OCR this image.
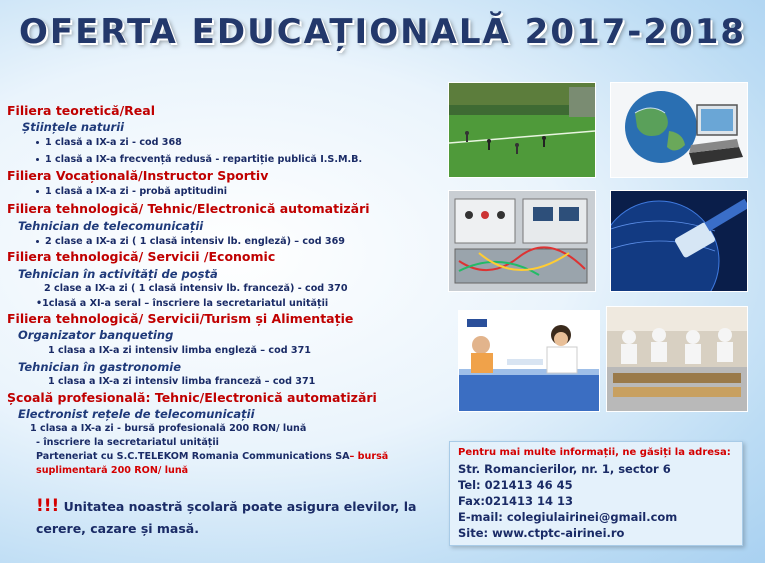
OFERTA EDUCAȚIONALĂ 2017-2018
Filiera teoretică/Real
Științele naturii
1 clasă a IX-a zi - cod 368
1 clasă a IX-a frecvență redusă - repartiție publică I.S.M.B.
Filiera Vocațională/Instructor Sportiv
1 clasă a IX-a zi - probă aptitudini
Filiera tehnologică/ Tehnic/Electronică automatizări
Tehnician de telecomunicații
2 clase a IX-a zi ( 1 clasă intensiv lb. engleză) – cod 369
Filiera tehnologică/ Servicii /Economic
Tehnician în activități de poștă
2 clase a IX-a zi ( 1 clasă intensiv lb. franceză) - cod 370
•1clasă a XI-a seral – înscriere la secretariatul unității
Filiera tehnologică/ Servicii/Turism și Alimentație
Organizator banqueting
1 clasa a IX-a zi intensiv limba engleză – cod 371
Tehnician în gastronomie
1 clasa a IX-a zi intensiv limba franceză – cod 371
Școală profesională: Tehnic/Electronică automatizări
Electronist rețele de telecomunicații
1 clasa a IX-a zi - bursă profesională 200 RON/ lună
- înscriere la secretariatul unității
Parteneriat cu S.C.TELEKOM Romania Communications SA– bursă
suplimentară 200 RON/ lună
!!! Unitatea noastră școlară poate asigura elevilor, la
cerere, cazare și masă.
Pentru mai multe informații, ne găsiți la adresa:
Str. Romancierilor, nr. 1, sector 6
Tel: 021413 46 45
Fax:021413 14 13
E-mail: colegiulairinei@gmail.com
Site: www.ctptc-airinei.ro
